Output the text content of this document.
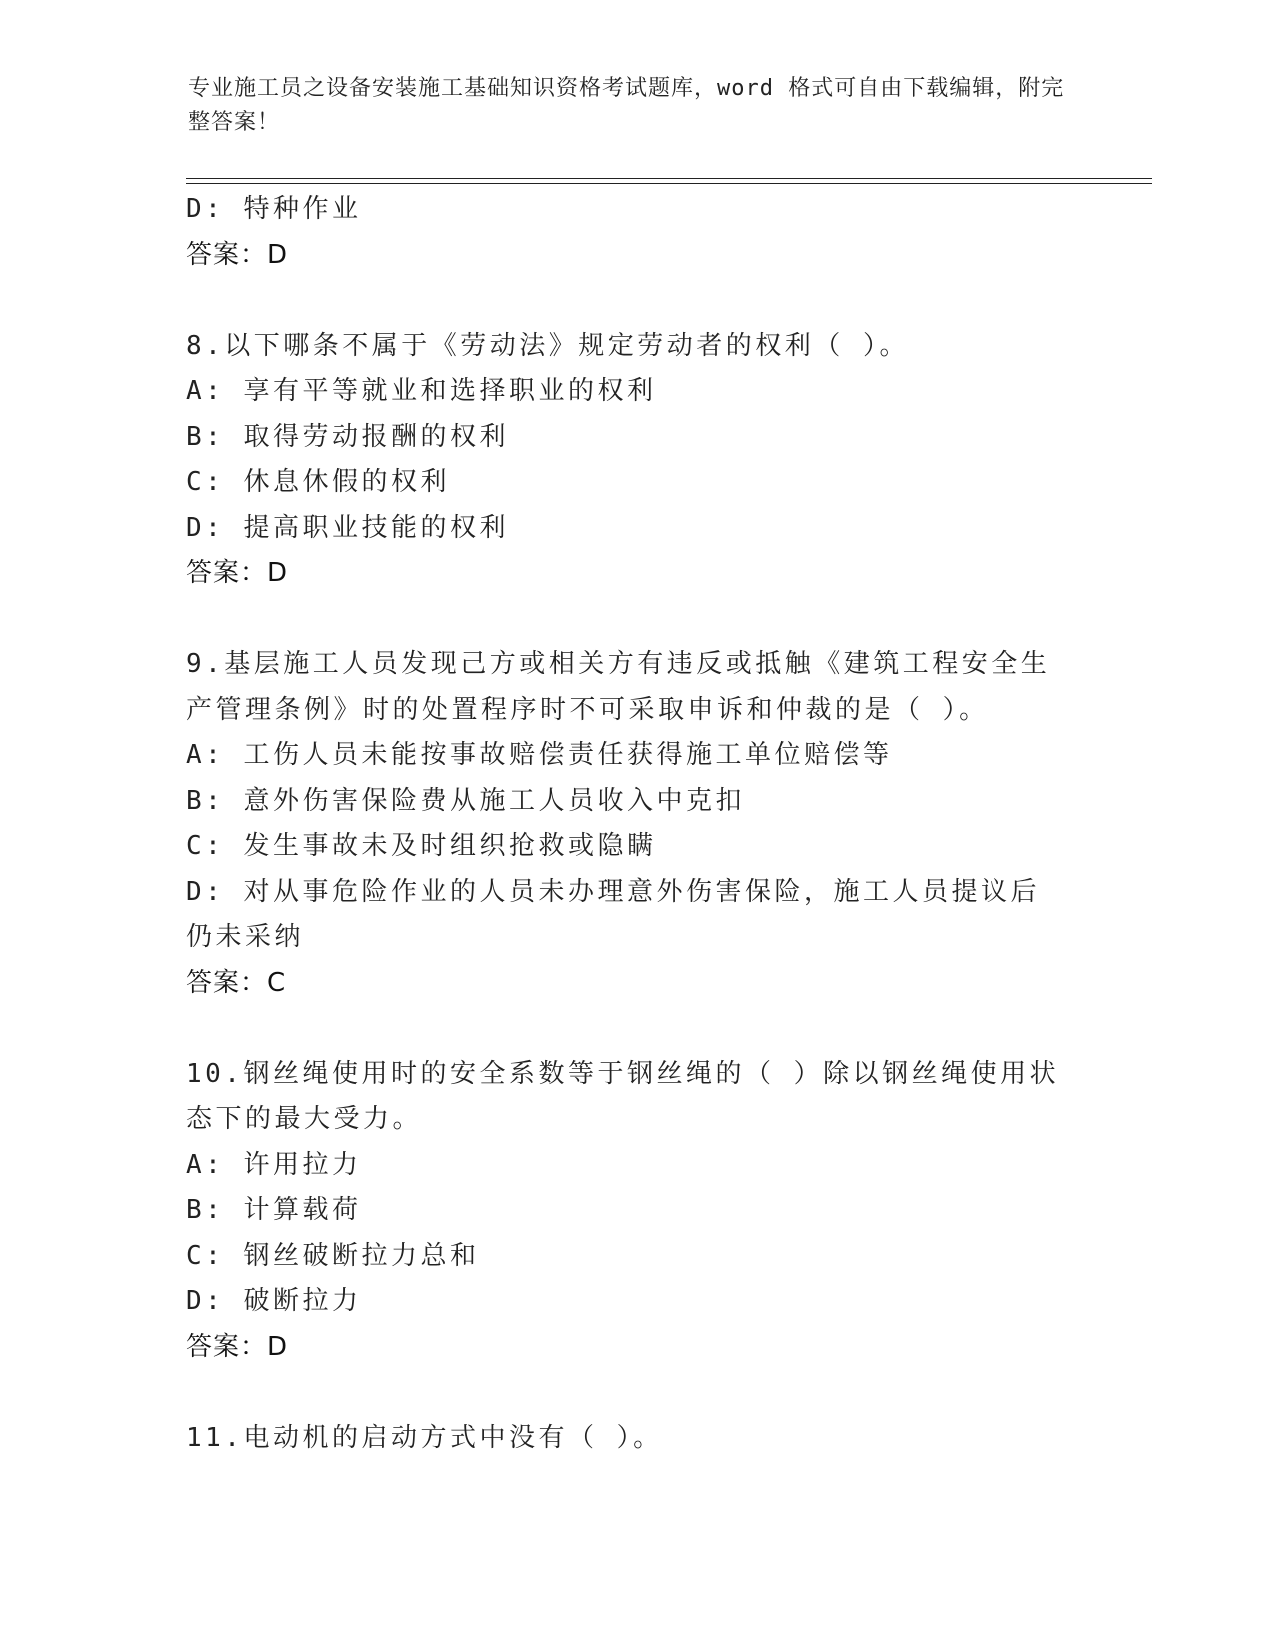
专业施工员之设备安装施工基础知识资格考试题库，word 格式可自由下载编辑，附完整答案！
D: 特种作业
答案：D
8.以下哪条不属于《劳动法》规定劳动者的权利（ ）。
A: 享有平等就业和选择职业的权利
B: 取得劳动报酬的权利
C: 休息休假的权利
D: 提高职业技能的权利
答案：D
9.基层施工人员发现己方或相关方有违反或抵触《建筑工程安全生产管理条例》时的处置程序时不可采取申诉和仲裁的是（ ）。
A: 工伤人员未能按事故赔偿责任获得施工单位赔偿等
B: 意外伤害保险费从施工人员收入中克扣
C: 发生事故未及时组织抢救或隐瞒
D: 对从事危险作业的人员未办理意外伤害保险，施工人员提议后仍未采纳
答案：C
10.钢丝绳使用时的安全系数等于钢丝绳的（ ）除以钢丝绳使用状态下的最大受力。
A: 许用拉力
B: 计算载荷
C: 钢丝破断拉力总和
D: 破断拉力
答案：D
11.电动机的启动方式中没有（ ）。
